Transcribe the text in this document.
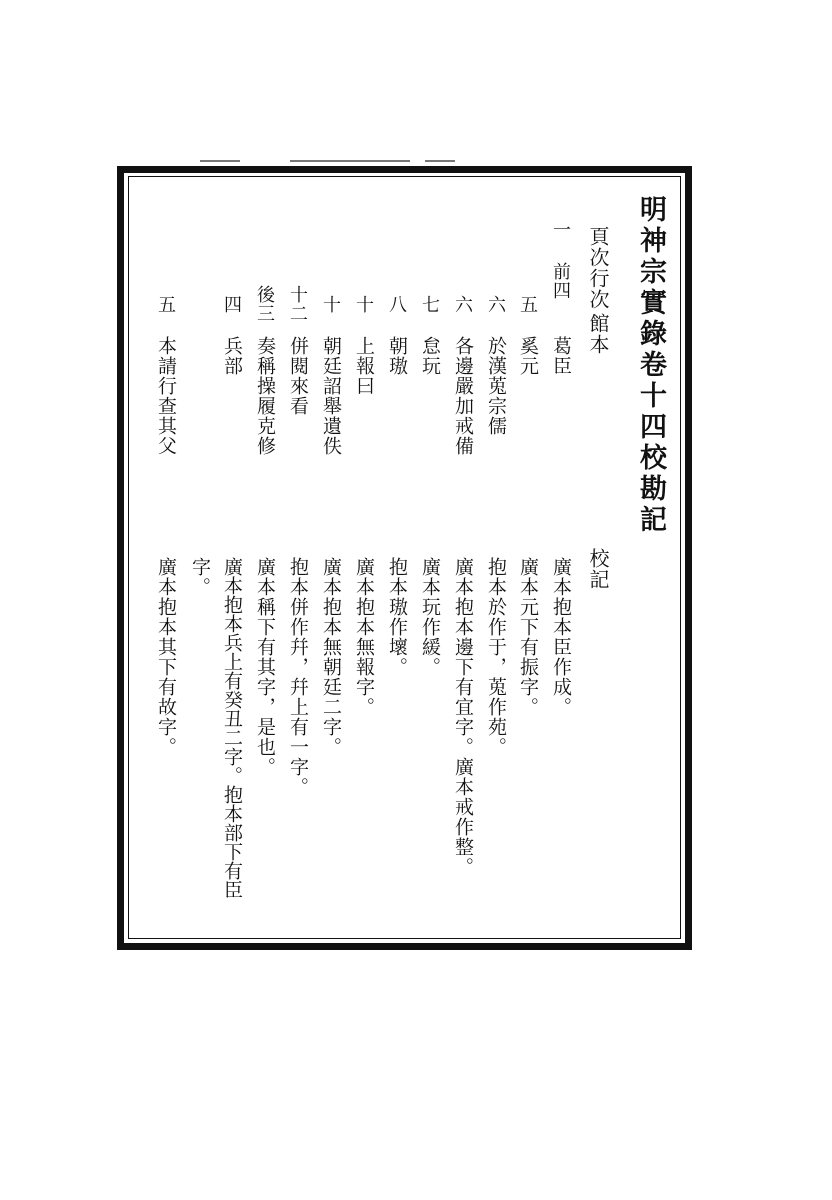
明神宗實錄卷十四校勘記
頁次
行次
館本
校記
一
前四
葛臣
廣本抱本臣作成。
五
奚元
廣本元下有振字。
六
於漢莵宗儒
抱本於作于，莵作苑。
六
各邊嚴加戒備
廣本抱本邊下有宜字。廣本戒作整。
七
怠玩
廣本玩作緩。
八
朝璈
抱本璈作壞。
十
上報曰
廣本抱本無報字。
十
朝廷詔舉遺佚
廣本抱本無朝廷二字。
十二
併閱來看
抱本併作幷，幷上有一字。
後三
奏稱操履克修
廣本稱下有其字，是也。
四
兵部
廣本抱本兵上有癸丑二字。抱本部下有臣
字。
五
本請行查其父
廣本抱本其下有故字。
